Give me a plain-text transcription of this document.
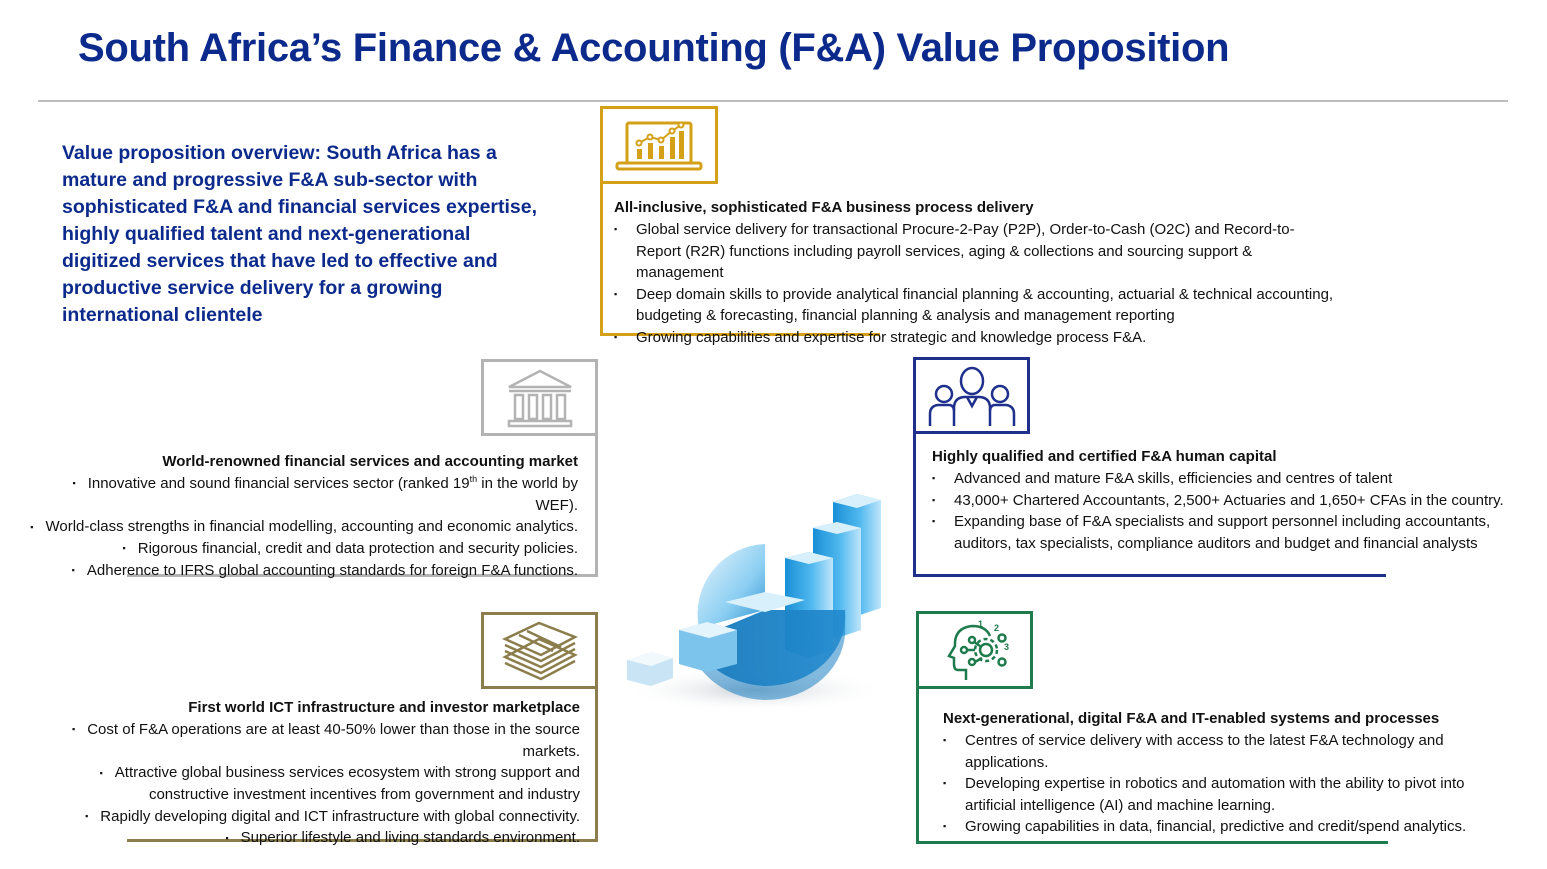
South Africa’s Finance & Accounting (F&A) Value Proposition
Value proposition overview: South Africa has a mature and progressive F&A sub-sector with sophisticated F&A and financial services expertise, highly qualified talent and next-generational digitized services that have led to effective and productive service delivery for a growing international clientele
All-inclusive, sophisticated F&A business process delivery
▪ Global service delivery for transactional Procure-2-Pay (P2P), Order-to-Cash (O2C) and Record-to-Report (R2R) functions including payroll services, aging & collections and sourcing support & management
▪ Deep domain skills to provide analytical financial planning & accounting, actuarial & technical accounting, budgeting & forecasting, financial planning & analysis and management reporting
▪ Growing capabilities and expertise for strategic and knowledge process F&A.
World-renowned financial services and accounting market
▪ Innovative and sound financial services sector (ranked 19th in the world by WEF).
▪ World-class strengths in financial modelling, accounting and economic analytics.
▪ Rigorous financial, credit and data protection and security policies.
▪ Adherence to IFRS global accounting standards for foreign F&A functions.
Highly qualified and certified F&A human capital
▪ Advanced and mature F&A skills, efficiencies and centres of talent
▪ 43,000+ Chartered Accountants, 2,500+ Actuaries and 1,650+ CFAs in the country.
▪ Expanding base of F&A specialists and support personnel including accountants, auditors, tax specialists, compliance auditors and budget and financial analysts
First world ICT infrastructure and investor marketplace
▪ Cost of F&A operations are at least 40-50% lower than those in the source markets.
▪ Attractive global business services ecosystem with strong support and constructive investment incentives from government and industry
▪ Rapidly developing digital and ICT infrastructure with global connectivity.
▪ Superior lifestyle and living standards environment.
1 2
3
Next-generational, digital F&A and IT-enabled systems and processes
▪ Centres of service delivery with access to the latest F&A technology and applications.
▪ Developing expertise in robotics and automation with the ability to pivot into artificial intelligence (AI) and machine learning.
▪ Growing capabilities in data, financial, predictive and credit/spend analytics.
